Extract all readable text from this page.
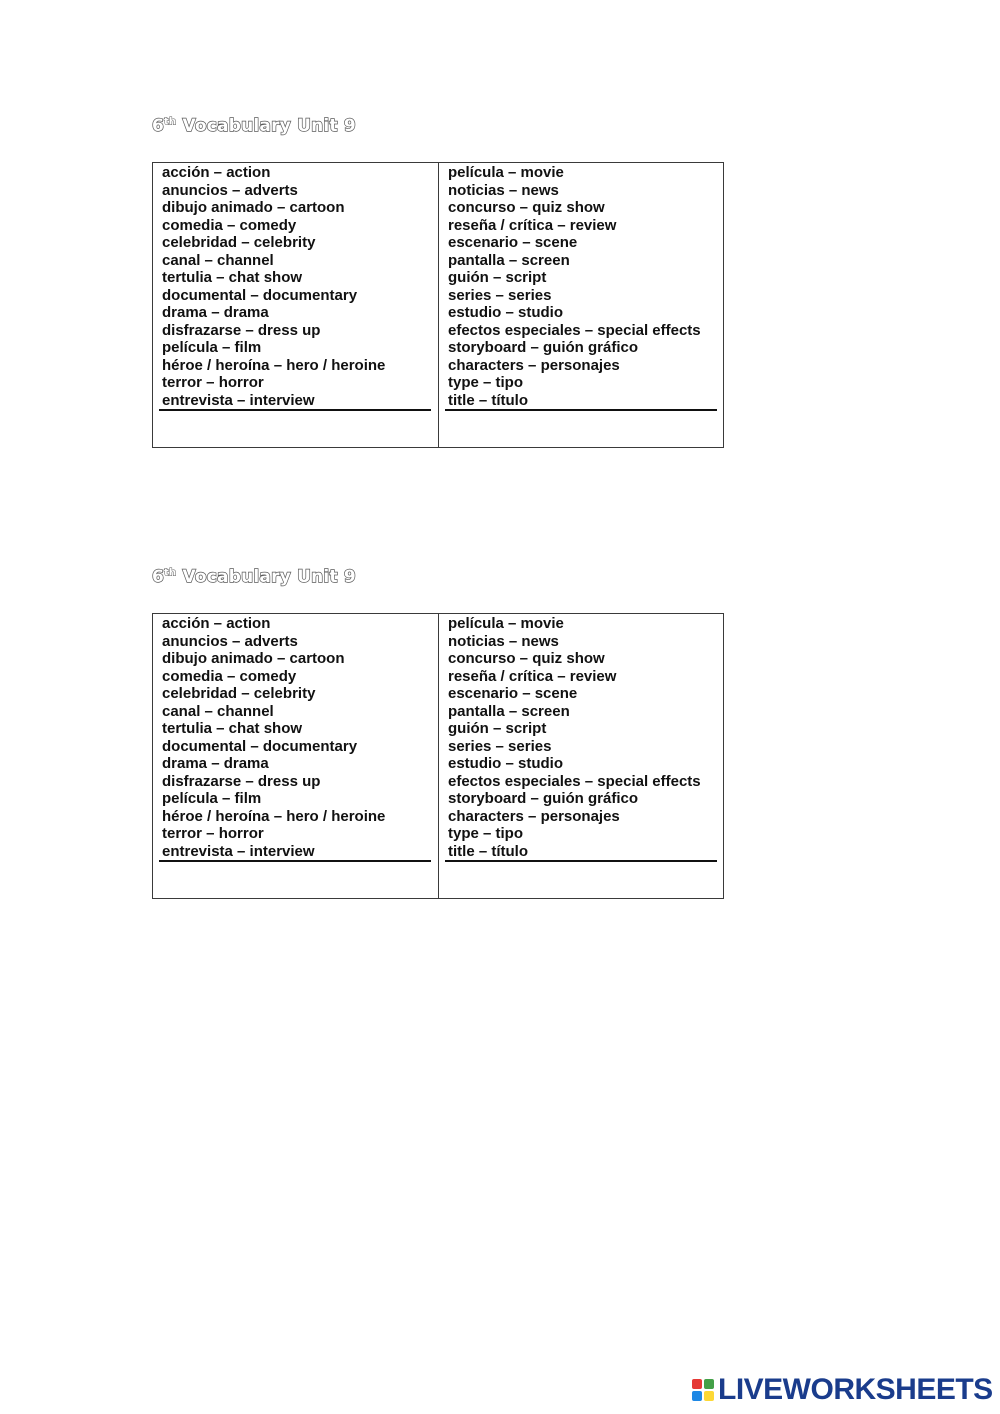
6th Vocabulary Unit 9
acción – action
anuncios – adverts
dibujo animado – cartoon
comedia – comedy
celebridad – celebrity
canal – channel
tertulia – chat show
documental – documentary
drama – drama
disfrazarse – dress up
película – film
héroe / heroína – hero / heroine
terror – horror
entrevista – interview
película – movie
noticias – news
concurso – quiz show
reseña / crítica – review
escenario – scene
pantalla – screen
guión – script
series – series
estudio – studio
efectos especiales – special effects
storyboard – guión gráfico
characters – personajes
type – tipo
title – título
6th Vocabulary Unit 9
acción – action
anuncios – adverts
dibujo animado – cartoon
comedia – comedy
celebridad – celebrity
canal – channel
tertulia – chat show
documental – documentary
drama – drama
disfrazarse – dress up
película – film
héroe / heroína – hero / heroine
terror – horror
entrevista – interview
película – movie
noticias – news
concurso – quiz show
reseña / crítica – review
escenario – scene
pantalla – screen
guión – script
series – series
estudio – studio
efectos especiales – special effects
storyboard – guión gráfico
characters – personajes
type – tipo
title – título
LIVEWORKSHEETS
